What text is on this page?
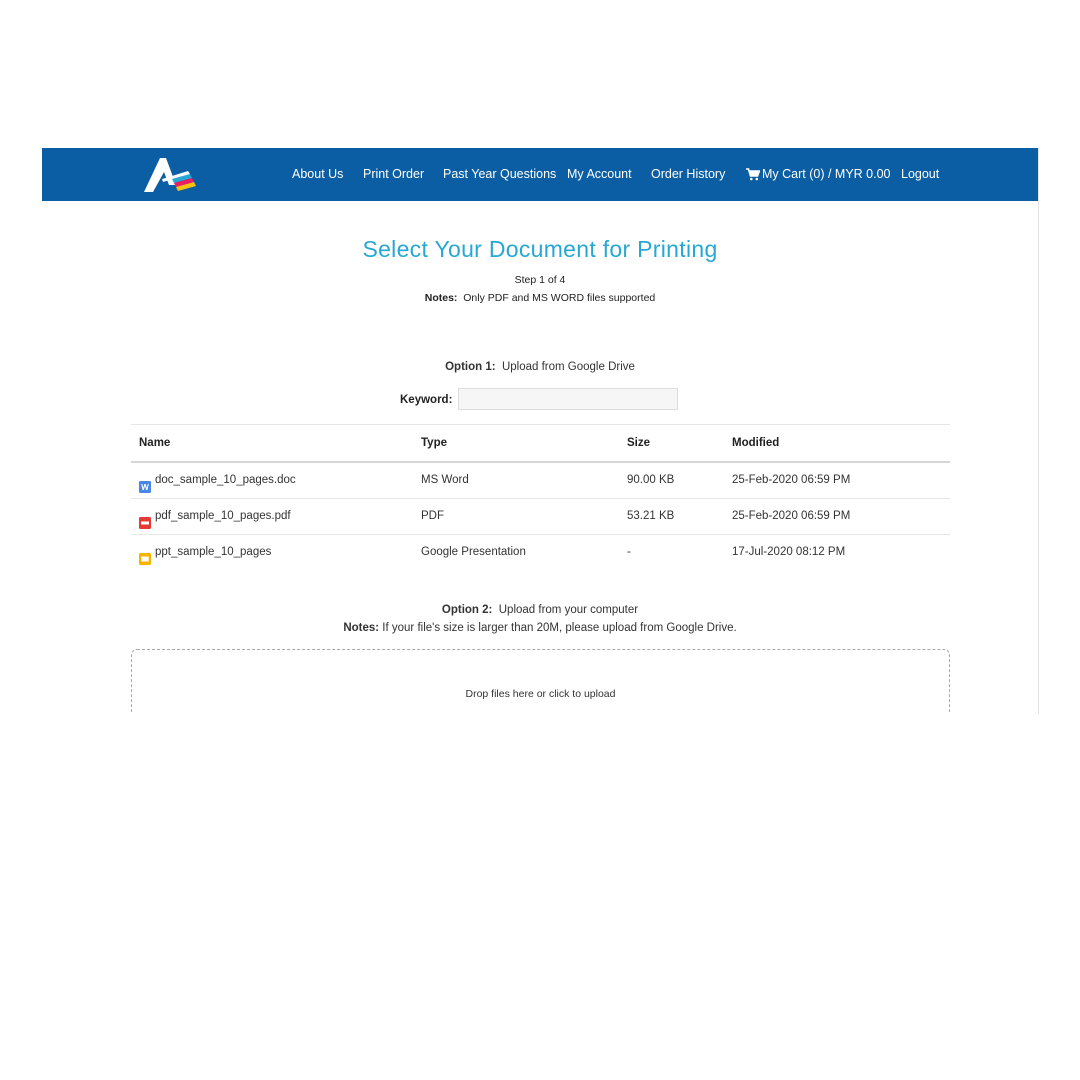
About Us Print Order Past Year Questions My Account Order History	My Cart (0) / MYR 0.00 Logout
Select Your Document for Printing
Step 1 of 4
Notes: Only PDF and MS WORD files supported
Option 1: Upload from Google Drive
Keyword:
Name	Type	Size	Modified
doc_sample_10_pages.doc	MS Word	90.00 KB	25-Feb-2020 06:59 PM
pdf_sample_10_pages.pdf	PDF	53.21 KB	25-Feb-2020 06:59 PM
ppt_sample_10_pages	Google Presentation	-	17-Jul-2020 08:12 PM
Option 2: Upload from your computer
Notes: If your file's size is larger than 20M, please upload from Google Drive.
Drop files here or click to upload
